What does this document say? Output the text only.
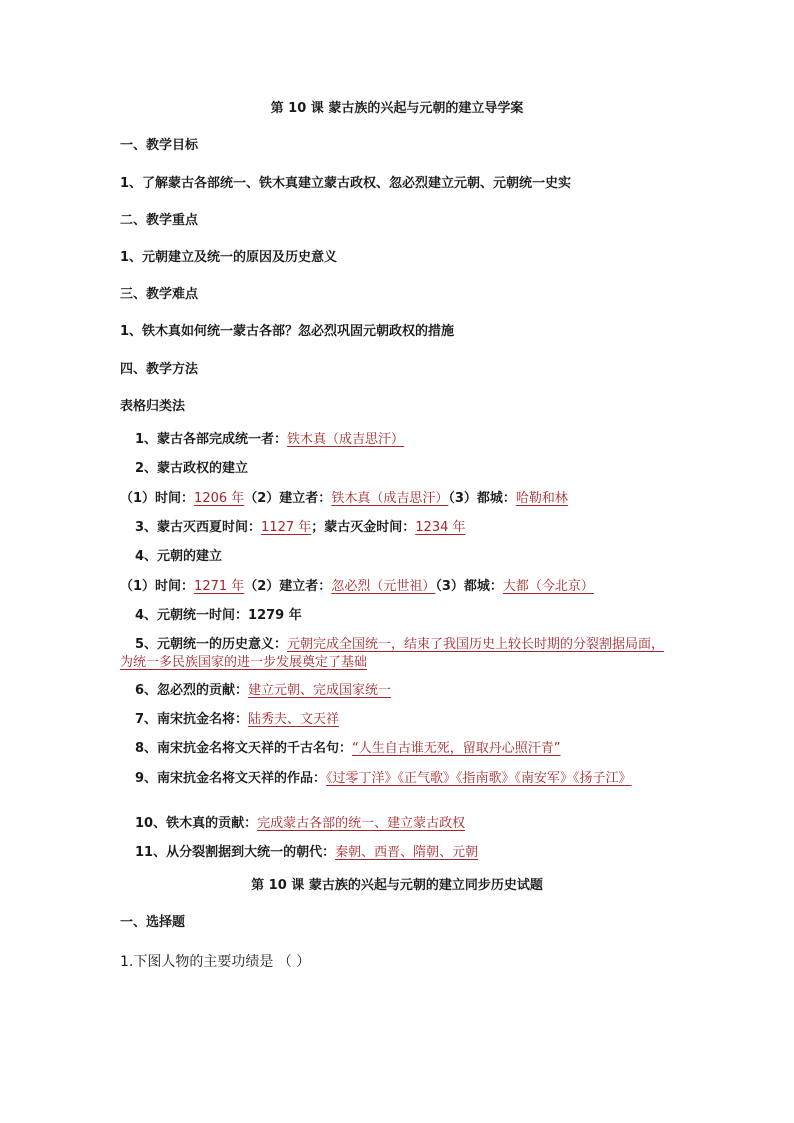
第 10 课 蒙古族的兴起与元朝的建立导学案
一、教学目标
1、了解蒙古各部统一、铁木真建立蒙古政权、忽必烈建立元朝、元朝统一史实
二、教学重点
1、元朝建立及统一的原因及历史意义
三、教学难点
1、铁木真如何统一蒙古各部？忽必烈巩固元朝政权的措施
四、教学方法
表格归类法
1、蒙古各部完成统一者：铁木真（成吉思汗）
2、蒙古政权的建立
（1）时间：1206 年（2）建立者：铁木真（成吉思汗）（3）都城：哈勒和林
3、蒙古灭西夏时间：1127 年；蒙古灭金时间：1234 年
4、元朝的建立
（1）时间：1271 年（2）建立者：忽必烈（元世祖）（3）都城：大都（今北京）
4、元朝统一时间：1279 年
5、元朝统一的历史意义：元朝完成全国统一，结束了我国历史上较长时期的分裂割据局面，为统一多民族国家的进一步发展奠定了基础
6、忽必烈的贡献：建立元朝、完成国家统一
7、南宋抗金名将：陆秀夫、文天祥
8、南宋抗金名将文天祥的千古名句：“人生自古谁无死，留取丹心照汗青”
9、南宋抗金名将文天祥的作品：《过零丁洋》《正气歌》《指南歌》《南安军》《扬子江》
10、铁木真的贡献：完成蒙古各部的统一、建立蒙古政权
11、从分裂割据到大统一的朝代：秦朝、西晋、隋朝、元朝
第 10 课 蒙古族的兴起与元朝的建立同步历史试题
一、选择题
1.下图人物的主要功绩是 （ ）
